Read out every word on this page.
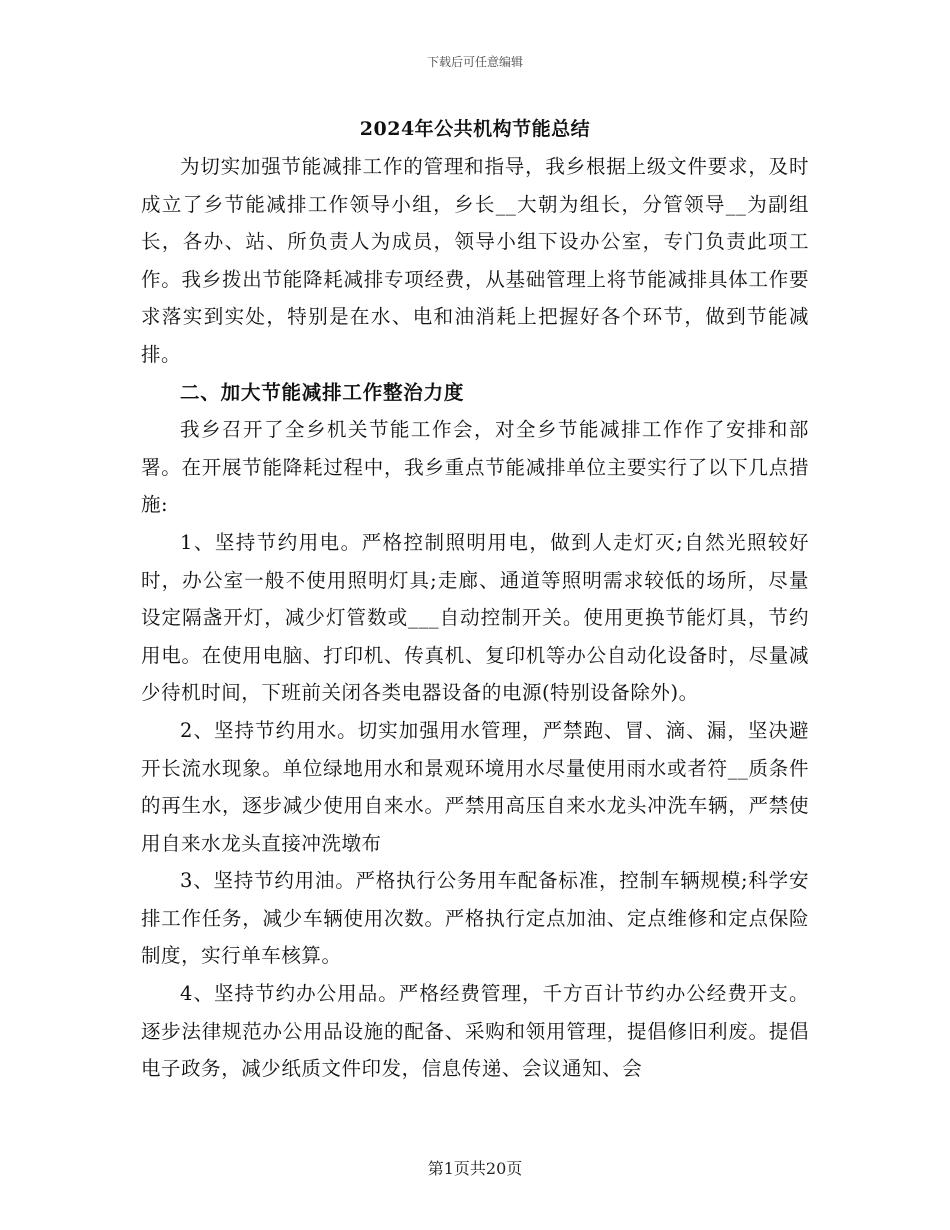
下载后可任意编辑
2024年公共机构节能总结

为切实加强节能减排工作的管理和指导，我乡根据上级文件要求，及时成立了乡节能减排工作领导小组，乡长__大朝为组长，分管领导__为副组长，各办、站、所负责人为成员，领导小组下设办公室，专门负责此项工作。我乡拨出节能降耗减排专项经费，从基础管理上将节能减排具体工作要求落实到实处，特别是在水、电和油消耗上把握好各个环节，做到节能减排。

二、加大节能减排工作整治力度

我乡召开了全乡机关节能工作会，对全乡节能减排工作作了安排和部署。在开展节能降耗过程中，我乡重点节能减排单位主要实行了以下几点措施:

1、坚持节约用电。严格控制照明用电，做到人走灯灭;自然光照较好时，办公室一般不使用照明灯具;走廊、通道等照明需求较低的场所，尽量设定隔盏开灯，减少灯管数或___自动控制开关。使用更换节能灯具，节约用电。在使用电脑、打印机、传真机、复印机等办公自动化设备时，尽量减少待机时间，下班前关闭各类电器设备的电源(特别设备除外)。

2、坚持节约用水。切实加强用水管理，严禁跑、冒、滴、漏，坚决避开长流水现象。单位绿地用水和景观环境用水尽量使用雨水或者符__质条件的再生水，逐步减少使用自来水。严禁用高压自来水龙头冲洗车辆，严禁使用自来水龙头直接冲洗墩布

3、坚持节约用油。严格执行公务用车配备标准，控制车辆规模;科学安排工作任务，减少车辆使用次数。严格执行定点加油、定点维修和定点保险制度，实行单车核算。

4、坚持节约办公用品。严格经费管理，千方百计节约办公经费开支。逐步法律规范办公用品设施的配备、采购和领用管理，提倡修旧利废。提倡电子政务，减少纸质文件印发，信息传递、会议通知、会

第1页共20页
